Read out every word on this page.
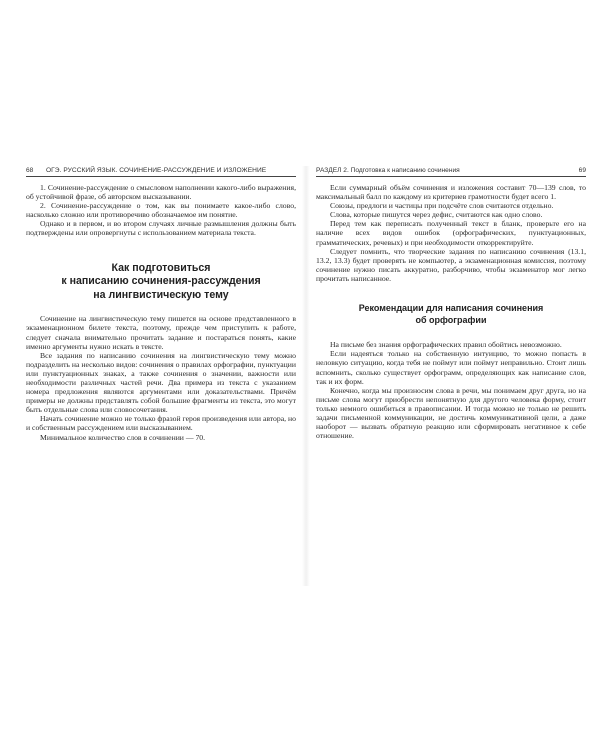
68 ОГЭ. РУССКИЙ ЯЗЫК. СОЧИНЕНИЕ-РАССУЖДЕНИЕ И ИЗЛОЖЕНИЕ

1. Сочинение-рассуждение о смысловом наполнении какого-либо выражения, об устойчивой фразе, об авторском высказывании.

2. Сочинение-рассуждение о том, как вы понимаете какое-либо слово, насколько сложно или противоречиво обозначаемое им понятие.

Однако и в первом, и во втором случаях личные размышления должны быть подтверждены или опровергнуты с использованием материала текста.

Как подготовиться
к написанию сочинения-рассуждения
на лингвистическую тему

Сочинение на лингвистическую тему пишется на основе представленного в экзаменационном билете текста, поэтому, прежде чем приступить к работе, следует сначала внимательно прочитать задание и постараться понять, какие именно аргументы нужно искать в тексте.

Все задания по написанию сочинения на лингвистическую тему можно подразделить на несколько видов: сочинения о правилах орфографии, пунктуации или пунктуационных знаках, а также сочинения о значении, важности или необходимости различных частей речи. Два примера из текста с указанием номера предложения являются аргументами или доказательствами. Причём примеры не должны представлять собой большие фрагменты из текста, это могут быть отдельные слова или словосочетания.

Начать сочинение можно не только фразой героя произведения или автора, но и собственным рассуждением или высказыванием.

Минимальное количество слов в сочинении — 70.

РАЗДЕЛ 2. Подготовка к написанию сочинения	69

Если суммарный объём сочинения и изложения составит 70—139 слов, то максимальный балл по каждому из критериев грамотности будет всего 1.

Союзы, предлоги и частицы при подсчёте слов считаются отдельно.

Слова, которые пишутся через дефис, считаются как одно слово.

Перед тем как переписать полученный текст в бланк, проверьте его на наличие всех видов ошибок (орфографических, пунктуационных, грамматических, речевых) и при необходимости откорректируйте.

Следует помнить, что творческие задания по написанию сочинения (13.1, 13.2, 13.3) будет проверять не компьютер, а экзаменационная комиссия, поэтому сочинение нужно писать аккуратно, разборчиво, чтобы экзаменатор мог легко прочитать написанное.

Рекомендации для написания сочинения
об орфографии

На письме без знания орфографических правил обойтись невозможно.

Если надеяться только на собственную интуицию, то можно попасть в неловкую ситуацию, когда тебя не поймут или поймут неправильно. Стоит лишь вспомнить, сколько существует орфограмм, определяющих как написание слов, так и их форм.

Конечно, когда мы произносим слова в речи, мы понимаем друг друга, но на письме слова могут приобрести непонятную для другого человека форму, стоит только немного ошибиться в правописании. И тогда можно не только не решить задачи письменной коммуникации, не достичь коммуникативной цели, а даже наоборот — вызвать обратную реакцию или сформировать негативное к себе отношение.
